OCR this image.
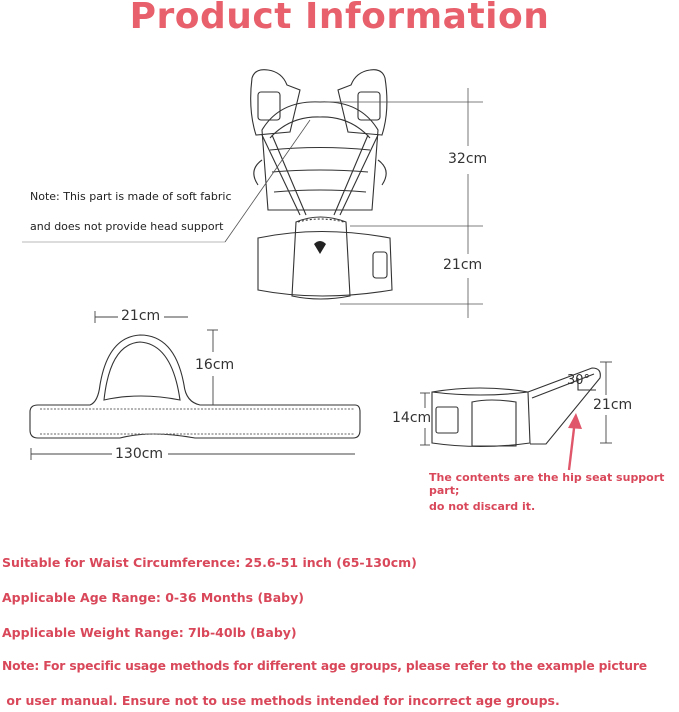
Product Information
Note: This part is made of soft fabric
and does not provide head support
32cm
21cm
21cm
16cm
130cm
14cm
30°
21cm
The contents are the hip seat support part;
do not discard it.
Suitable for Waist Circumference: 25.6-51 inch (65-130cm)
Applicable Age Range: 0-36 Months (Baby)
Applicable Weight Range: 7lb-40lb (Baby)
Note: For specific usage methods for different age groups, please refer to the example picture
or user manual. Ensure not to use methods intended for incorrect age groups.
